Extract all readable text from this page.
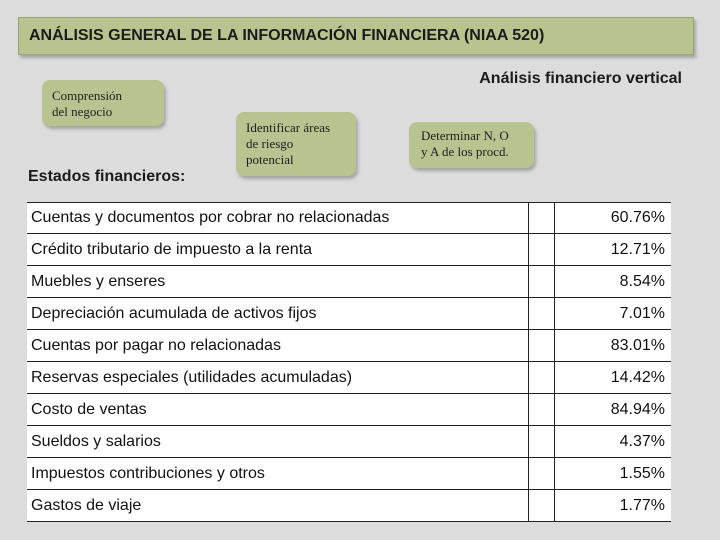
ANÁLISIS GENERAL DE LA INFORMACIÓN FINANCIERA (NIAA 520)
Análisis financiero vertical
Comprensión
del negocio
Identificar áreas
de riesgo
potencial
Determinar N, O
y A de los procd.
Estados financieros:
Cuentas y documentos por cobrar no relacionadas	60.76%
Crédito tributario de impuesto a la renta	12.71%
Muebles y enseres	8.54%
Depreciación acumulada de activos fijos	7.01%
Cuentas por pagar no relacionadas	83.01%
Reservas especiales (utilidades acumuladas)	14.42%
Costo de ventas	84.94%
Sueldos y salarios	4.37%
Impuestos contribuciones y otros	1.55%
Gastos de viaje	1.77%
